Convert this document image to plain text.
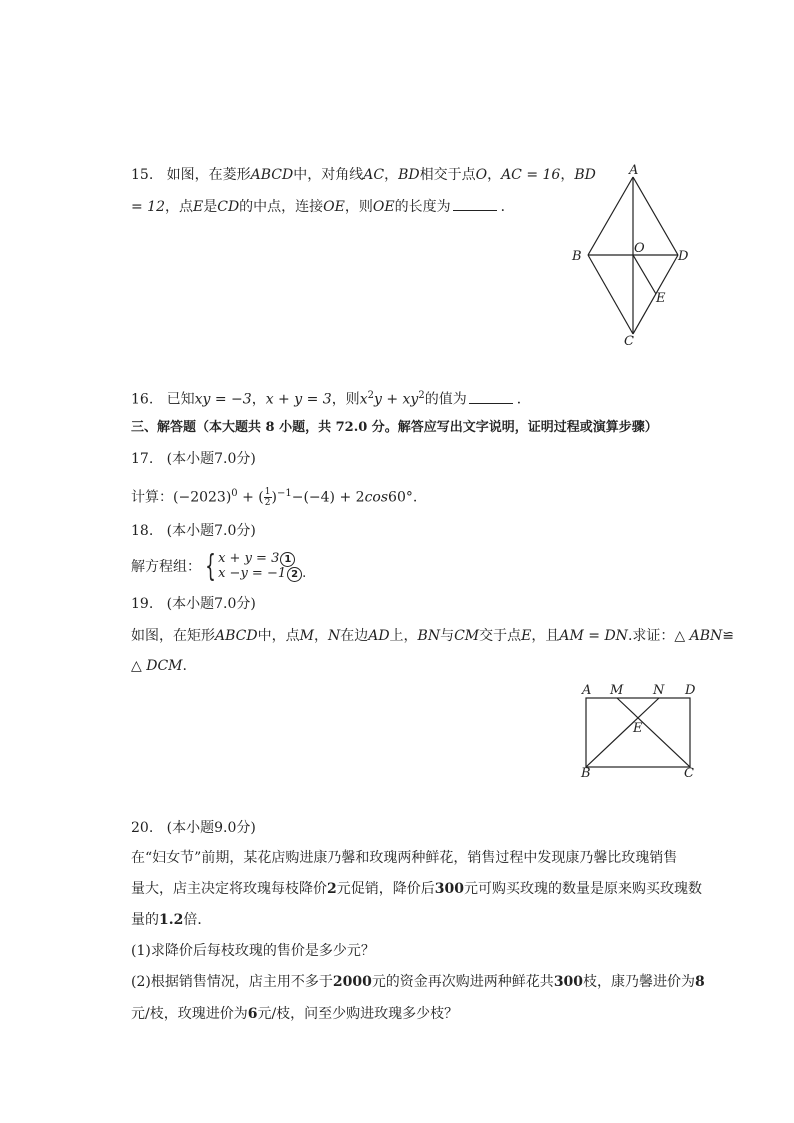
15. 如图，在菱形ABCD中，对角线AC，BD相交于点O，AC = 16，BD
= 12，点E是CD的中点，连接OE，则OE的长度为	．
A
B	D
O
E
C
16. 已知xy = −3，x + y = 3，则$x^2y + xy^2$的值为	．
三、解答题（本大题共 8 小题，共 72.0 分。解答应写出文字说明，证明过程或演算步骤）
17. (本小题7.0分)
计算：$(-2023)^0$ + ( $\frac{1}{2} )^{-1}-(-4) + 2\cos 60^\circ$.
18. (本小题7.0分)
解方程组： { x + y = 3 1
x −y = −1 2 .
19. (本小题7.0分)
如图，在矩形ABCD中，点M，N在边AD上，BN与CM交于点E，且AM = DN.求证：△ ABN≌
△ DCM.
A M N D
E
B	C
20. (本小题9.0分)
在“妇女节”前期，某花店购进康乃馨和玫瑰两种鲜花，销售过程中发现康乃馨比玫瑰销售
量大，店主决定将玫瑰每枝降价2元促销，降价后300元可购买玫瑰的数量是原来购买玫瑰数
量的1.2倍．
(1)求降价后每枝玫瑰的售价是多少元？
(2)根据销售情况，店主用不多于2000元的资金再次购进两种鲜花共300枝，康乃馨进价为8
元/枝，玫瑰进价为6元/枝，问至少购进玫瑰多少枝？
